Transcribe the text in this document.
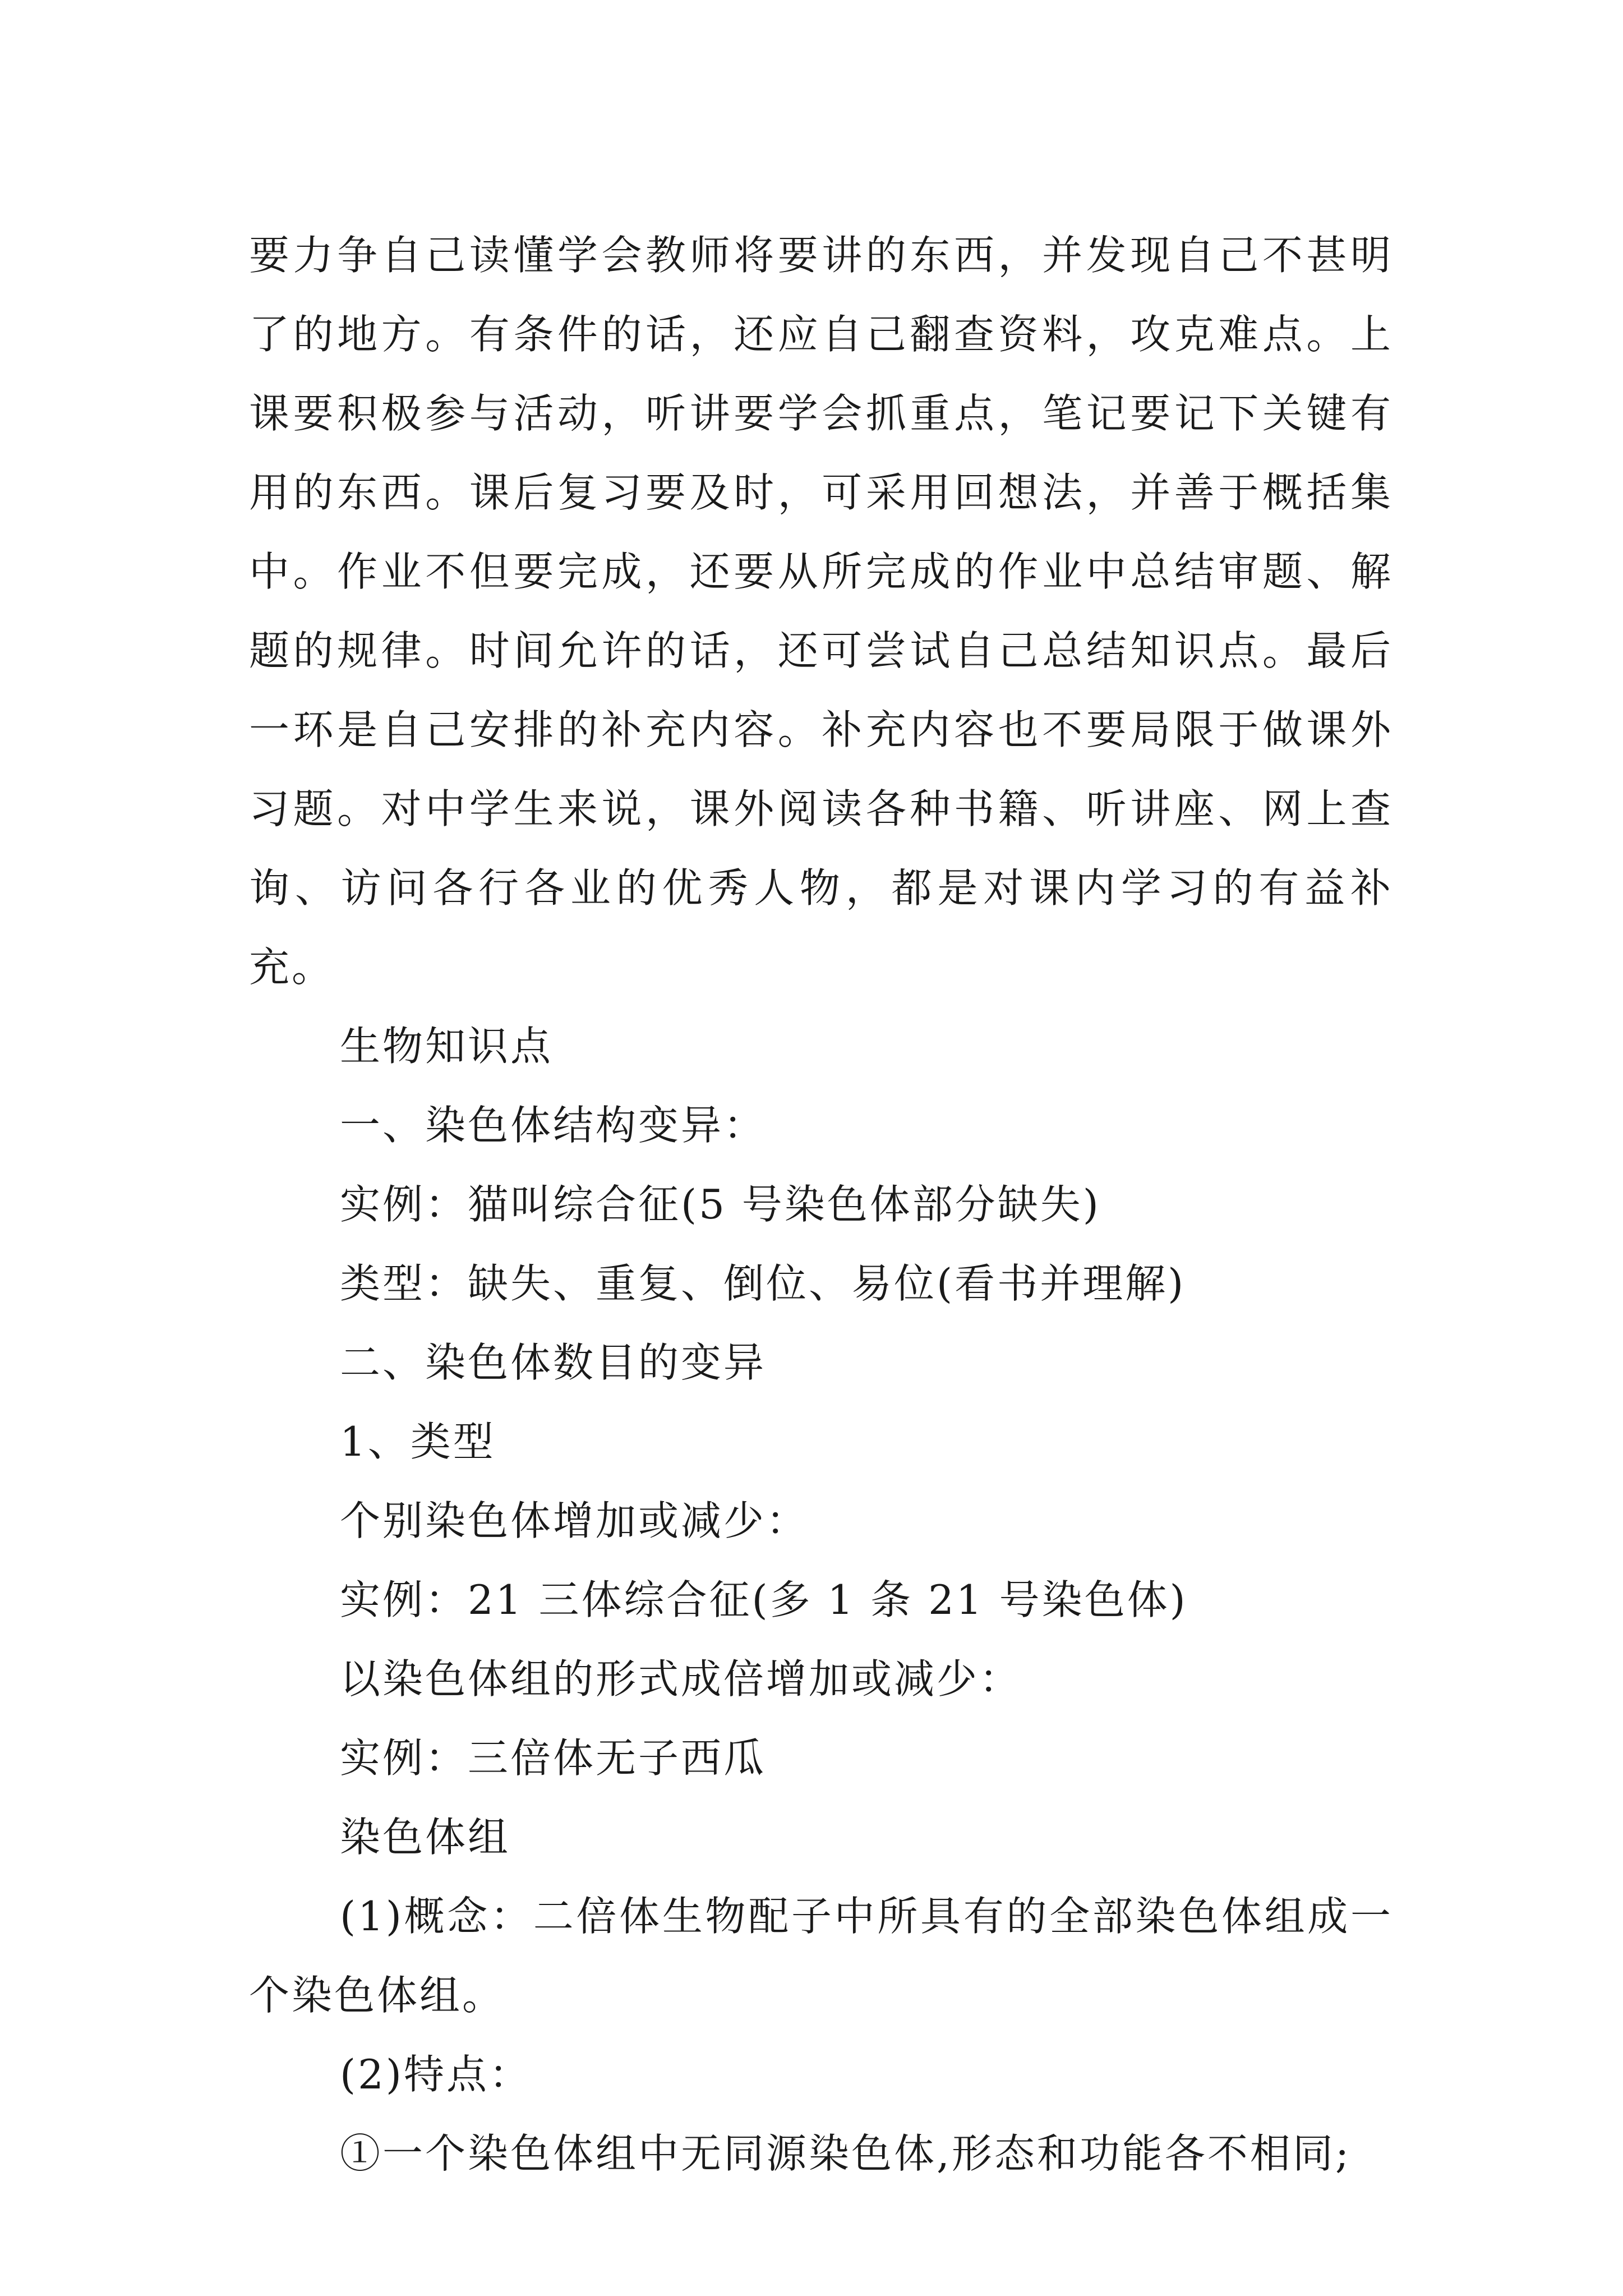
要力争自己读懂学会教师将要讲的东西，并发现自己不甚明了的地方。有条件的话，还应自己翻查资料，攻克难点。上课要积极参与活动，听讲要学会抓重点，笔记要记下关键有用的东西。课后复习要及时，可采用回想法，并善于概括集中。作业不但要完成，还要从所完成的作业中总结审题、解题的规律。时间允许的话，还可尝试自己总结知识点。最后一环是自己安排的补充内容。补充内容也不要局限于做课外习题。对中学生来说，课外阅读各种书籍、听讲座、网上查询、访问各行各业的优秀人物，都是对课内学习的有益补充。

生物知识点

一、染色体结构变异：

实例：猫叫综合征(5 号染色体部分缺失)

类型：缺失、重复、倒位、易位(看书并理解)

二、染色体数目的变异

1、类型

个别染色体增加或减少：

实例：21 三体综合征(多 1 条 21 号染色体)

以染色体组的形式成倍增加或减少：

实例：三倍体无子西瓜

染色体组

(1)概念：二倍体生物配子中所具有的全部染色体组成一个染色体组。

(2)特点：

①一个染色体组中无同源染色体,形态和功能各不相同;
